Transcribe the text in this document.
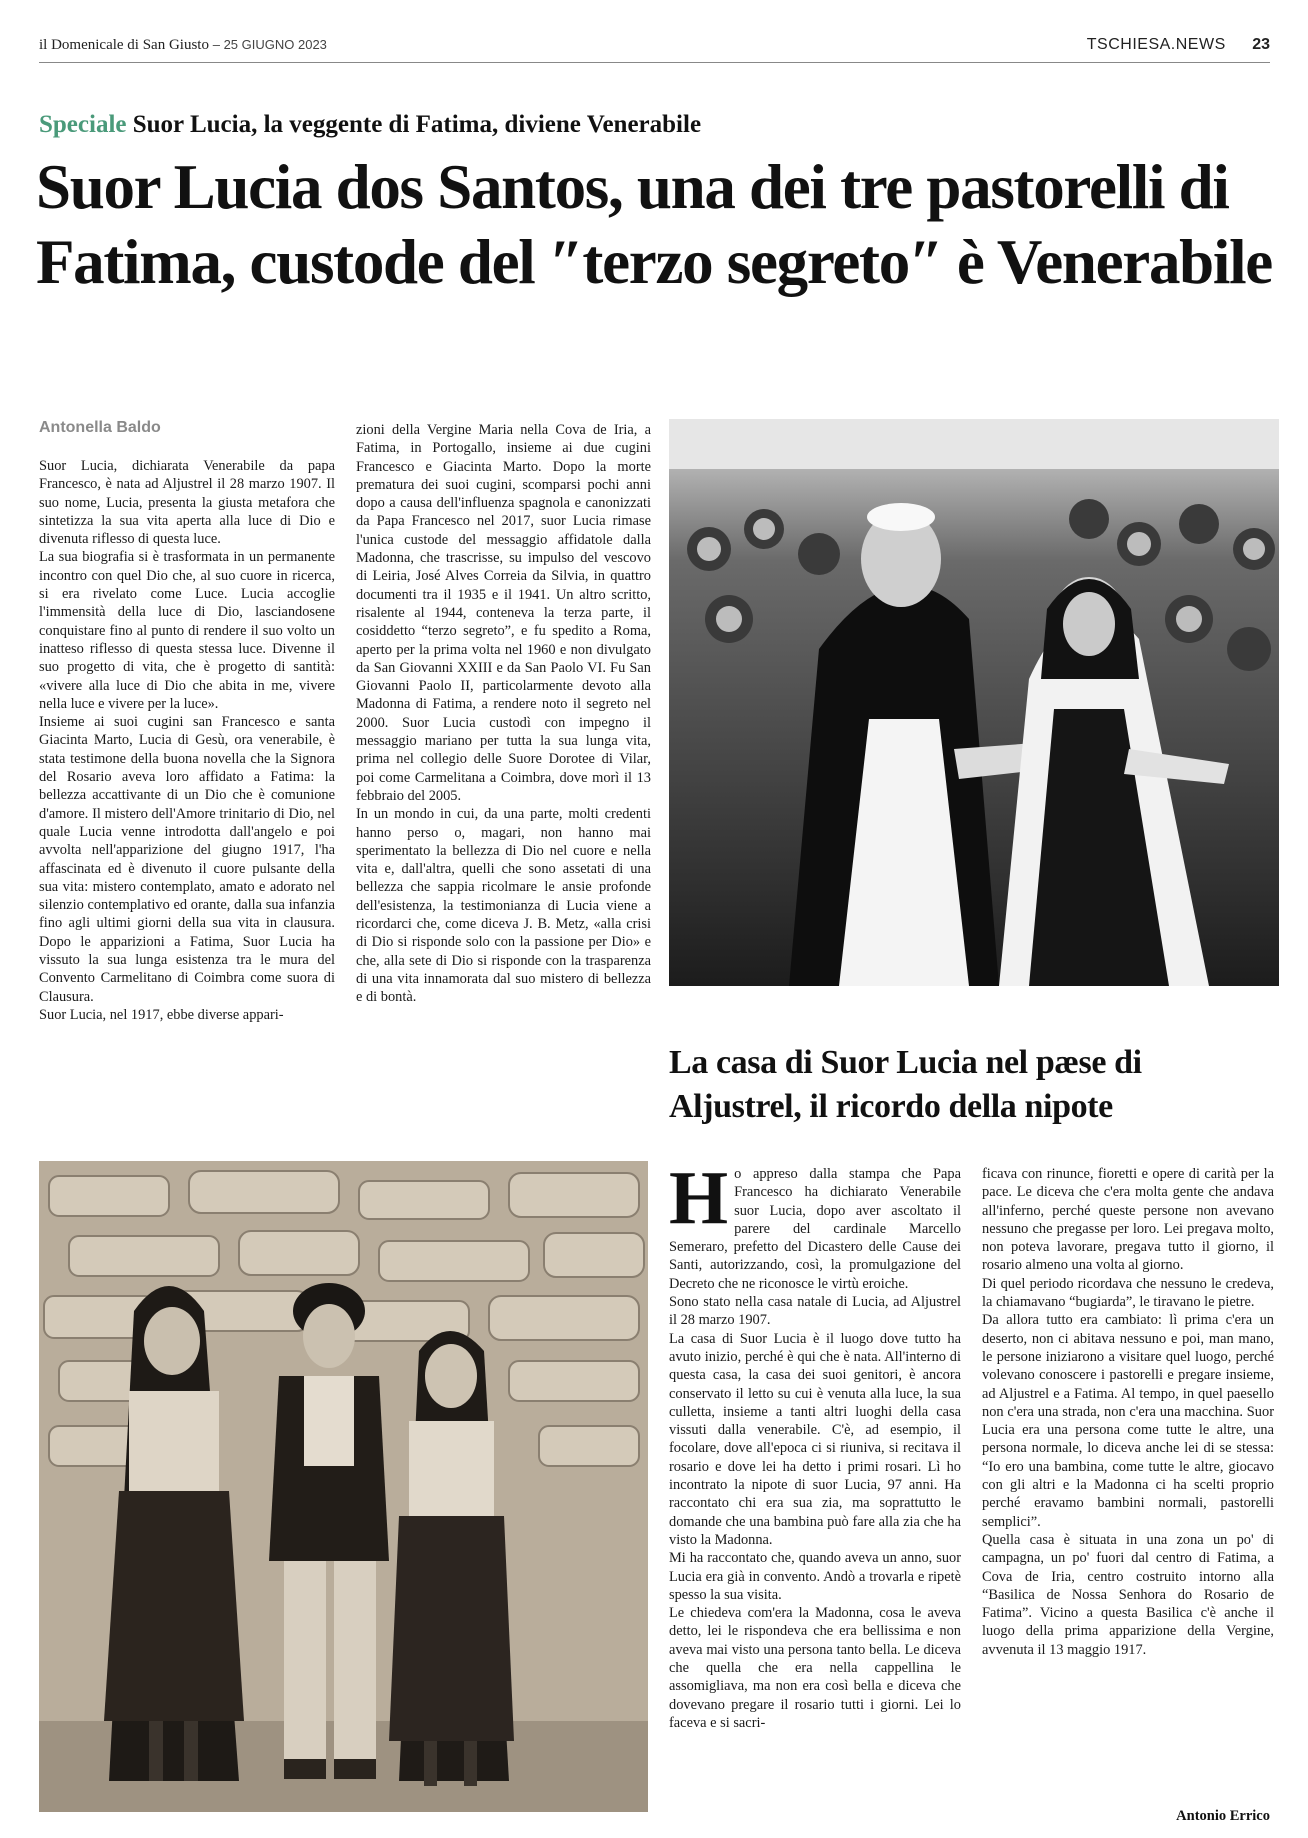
il Domenicale di San Giusto – 25 GIUGNO 2023	TSCHIESA.NEWS 23
Speciale Suor Lucia, la veggente di Fatima, diviene Venerabile
Suor Lucia dos Santos, una dei tre pastorelli di Fatima, custode del ″terzo segreto″ è Venerabile
Antonella Baldo

Suor Lucia, dichiarata Venerabile da papa Francesco, è nata ad Aljustrel il 28 marzo 1907. Il suo nome, Lucia, presenta la giusta metafora che sintetizza la sua vita aperta alla luce di Dio e divenuta riflesso di questa luce.

La sua biografia si è trasformata in un permanente incontro con quel Dio che, al suo cuore in ricerca, si era rivelato come Luce. Lucia accoglie l'immensità della luce di Dio, lasciandosene conquistare fino al punto di rendere il suo volto un inatteso riflesso di questa stessa luce. Divenne il suo progetto di vita, che è progetto di santità: «vivere alla luce di Dio che abita in me, vivere nella luce e vivere per la luce».

Insieme ai suoi cugini san Francesco e santa Giacinta Marto, Lucia di Gesù, ora venerabile, è stata testimone della buona novella che la Signora del Rosario aveva loro affidato a Fatima: la bellezza accattivante di un Dio che è comunione d'amore. Il mistero dell'Amore trinitario di Dio, nel quale Lucia venne introdotta dall'angelo e poi avvolta nell'apparizione del giugno 1917, l'ha affascinata ed è divenuto il cuore pulsante della sua vita: mistero contemplato, amato e adorato nel silenzio contemplativo ed orante, dalla sua infanzia fino agli ultimi giorni della sua vita in clausura. Dopo le apparizioni a Fatima, Suor Lucia ha vissuto la sua lunga esistenza tra le mura del Convento Carmelitano di Coimbra come suora di Clausura.

Suor Lucia, nel 1917, ebbe diverse appari-

zioni della Vergine Maria nella Cova de Iria, a Fatima, in Portogallo, insieme ai due cugini Francesco e Giacinta Marto. Dopo la morte prematura dei suoi cugini, scomparsi pochi anni dopo a causa dell'influenza spagnola e canonizzati da Papa Francesco nel 2017, suor Lucia rimase l'unica custode del messaggio affidatole dalla Madonna, che trascrisse, su impulso del vescovo di Leiria, José Alves Correia da Silvia, in quattro documenti tra il 1935 e il 1941. Un altro scritto, risalente al 1944, conteneva la terza parte, il cosiddetto “terzo segreto”, e fu spedito a Roma, aperto per la prima volta nel 1960 e non divulgato da San Giovanni XXIII e da San Paolo VI. Fu San Giovanni Paolo II, particolarmente devoto alla Madonna di Fatima, a rendere noto il segreto nel 2000. Suor Lucia custodì con impegno il messaggio mariano per tutta la sua lunga vita, prima nel collegio delle Suore Dorotee di Vilar, poi come Carmelitana a Coimbra, dove morì il 13 febbraio del 2005.

In un mondo in cui, da una parte, molti credenti hanno perso o, magari, non hanno mai sperimentato la bellezza di Dio nel cuore e nella vita e, dall'altra, quelli che sono assetati di una bellezza che sappia ricolmare le ansie profonde dell'esistenza, la testimonianza di Lucia viene a ricordarci che, come diceva J. B. Metz, «alla crisi di Dio si risponde solo con la passione per Dio» e che, alla sete di Dio si risponde con la trasparenza di una vita innamorata dal suo mistero di bellezza e di bontà.

La casa di Suor Lucia nel pæse di Aljustrel, il ricordo della nipote

Ho appreso dalla stampa che Papa Francesco ha dichiarato Venerabile suor Lucia, dopo aver ascoltato il parere del cardinale Marcello Semeraro, prefetto del Dicastero delle Cause dei Santi, autorizzando, così, la promulgazione del Decreto che ne riconosce le virtù eroiche.

Sono stato nella casa natale di Lucia, ad Aljustrel il 28 marzo 1907.

La casa di Suor Lucia è il luogo dove tutto ha avuto inizio, perché è qui che è nata. All'interno di questa casa, la casa dei suoi genitori, è ancora conservato il letto su cui è venuta alla luce, la sua culletta, insieme a tanti altri luoghi della casa vissuti dalla venerabile. C'è, ad esempio, il focolare, dove all'epoca ci si riuniva, si recitava il rosario e dove lei ha detto i primi rosari. Lì ho incontrato la nipote di suor Lucia, 97 anni. Ha raccontato chi era sua zia, ma soprattutto le domande che una bambina può fare alla zia che ha visto la Madonna.

Mi ha raccontato che, quando aveva un anno, suor Lucia era già in convento. Andò a trovarla e ripetè spesso la sua visita.

Le chiedeva com'era la Madonna, cosa le aveva detto, lei le rispondeva che era bellissima e non aveva mai visto una persona tanto bella. Le diceva che quella che era nella cappellina le assomigliava, ma non era così bella e diceva che dovevano pregare il rosario tutti i giorni. Lei lo faceva e si sacri-

ficava con rinunce, fioretti e opere di carità per la pace. Le diceva che c'era molta gente che andava all'inferno, perché queste persone non avevano nessuno che pregasse per loro. Lei pregava molto, non poteva lavorare, pregava tutto il giorno, il rosario almeno una volta al giorno.

Di quel periodo ricordava che nessuno le credeva, la chiamavano “bugiarda”, le tiravano le pietre.

Da allora tutto era cambiato: lì prima c'era un deserto, non ci abitava nessuno e poi, man mano, le persone iniziarono a visitare quel luogo, perché volevano conoscere i pastorelli e pregare insieme, ad Aljustrel e a Fatima. Al tempo, in quel paesello non c'era una strada, non c'era una macchina. Suor Lucia era una persona come tutte le altre, una persona normale, lo diceva anche lei di se stessa: “Io ero una bambina, come tutte le altre, giocavo con gli altri e la Madonna ci ha scelti proprio perché eravamo bambini normali, pastorelli semplici”.

Quella casa è situata in una zona un po' di campagna, un po' fuori dal centro di Fatima, a Cova de Iria, centro costruito intorno alla “Basilica de Nossa Senhora do Rosario de Fatima”. Vicino a questa Basilica c'è anche il luogo della prima apparizione della Vergine, avvenuta il 13 maggio 1917.

Antonio Errico
